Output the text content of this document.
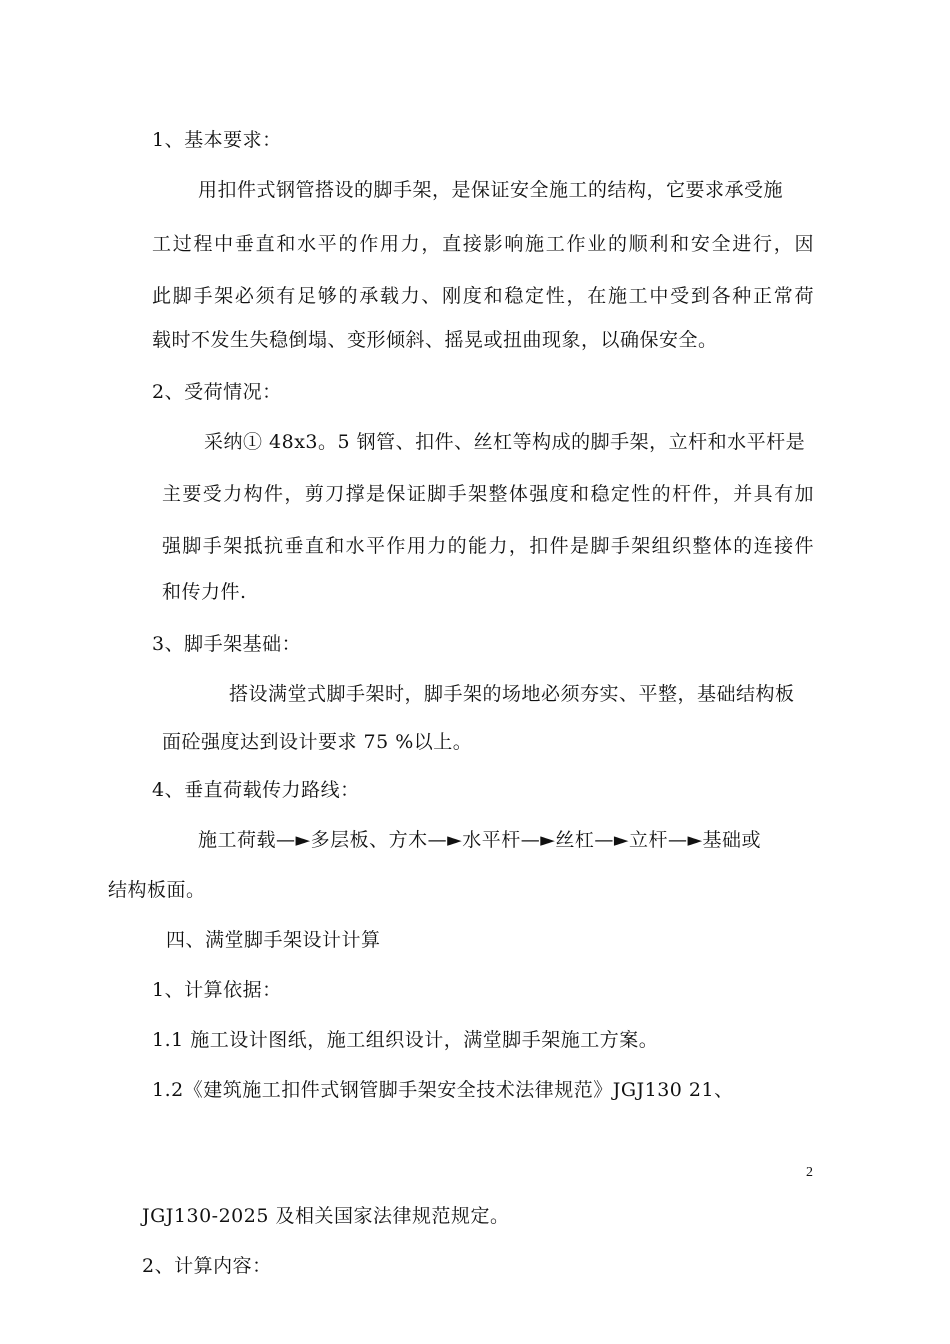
1、基本要求：
用扣件式钢管搭设的脚手架，是保证安全施工的结构，它要求承受施
工过程中垂直和水平的作用力，直接影响施工作业的顺利和安全进行，因
此脚手架必须有足够的承载力、刚度和稳定性，在施工中受到各种正常荷
载时不发生失稳倒塌、变形倾斜、摇晃或扭曲现象，以确保安全。
2、受荷情况：
采纳① 48x3。5 钢管、扣件、丝杠等构成的脚手架，立杆和水平杆是
主要受力构件，剪刀撑是保证脚手架整体强度和稳定性的杆件，并具有加
强脚手架抵抗垂直和水平作用力的能力，扣件是脚手架组织整体的连接件
和传力件.
3、脚手架基础：
搭设满堂式脚手架时，脚手架的场地必须夯实、平整，基础结构板
面砼强度达到设计要求 75 %以上。
4、垂直荷载传力路线：
施工荷载—►多层板、方木—►水平杆—►丝杠—►立杆—►基础或
结构板面。
四、满堂脚手架设计计算
1、计算依据：
1.1 施工设计图纸，施工组织设计，满堂脚手架施工方案。
1.2《建筑施工扣件式钢管脚手架安全技术法律规范》JGJ130 21、
2
JGJ130-2025 及相关国家法律规范规定。
2、计算内容：
